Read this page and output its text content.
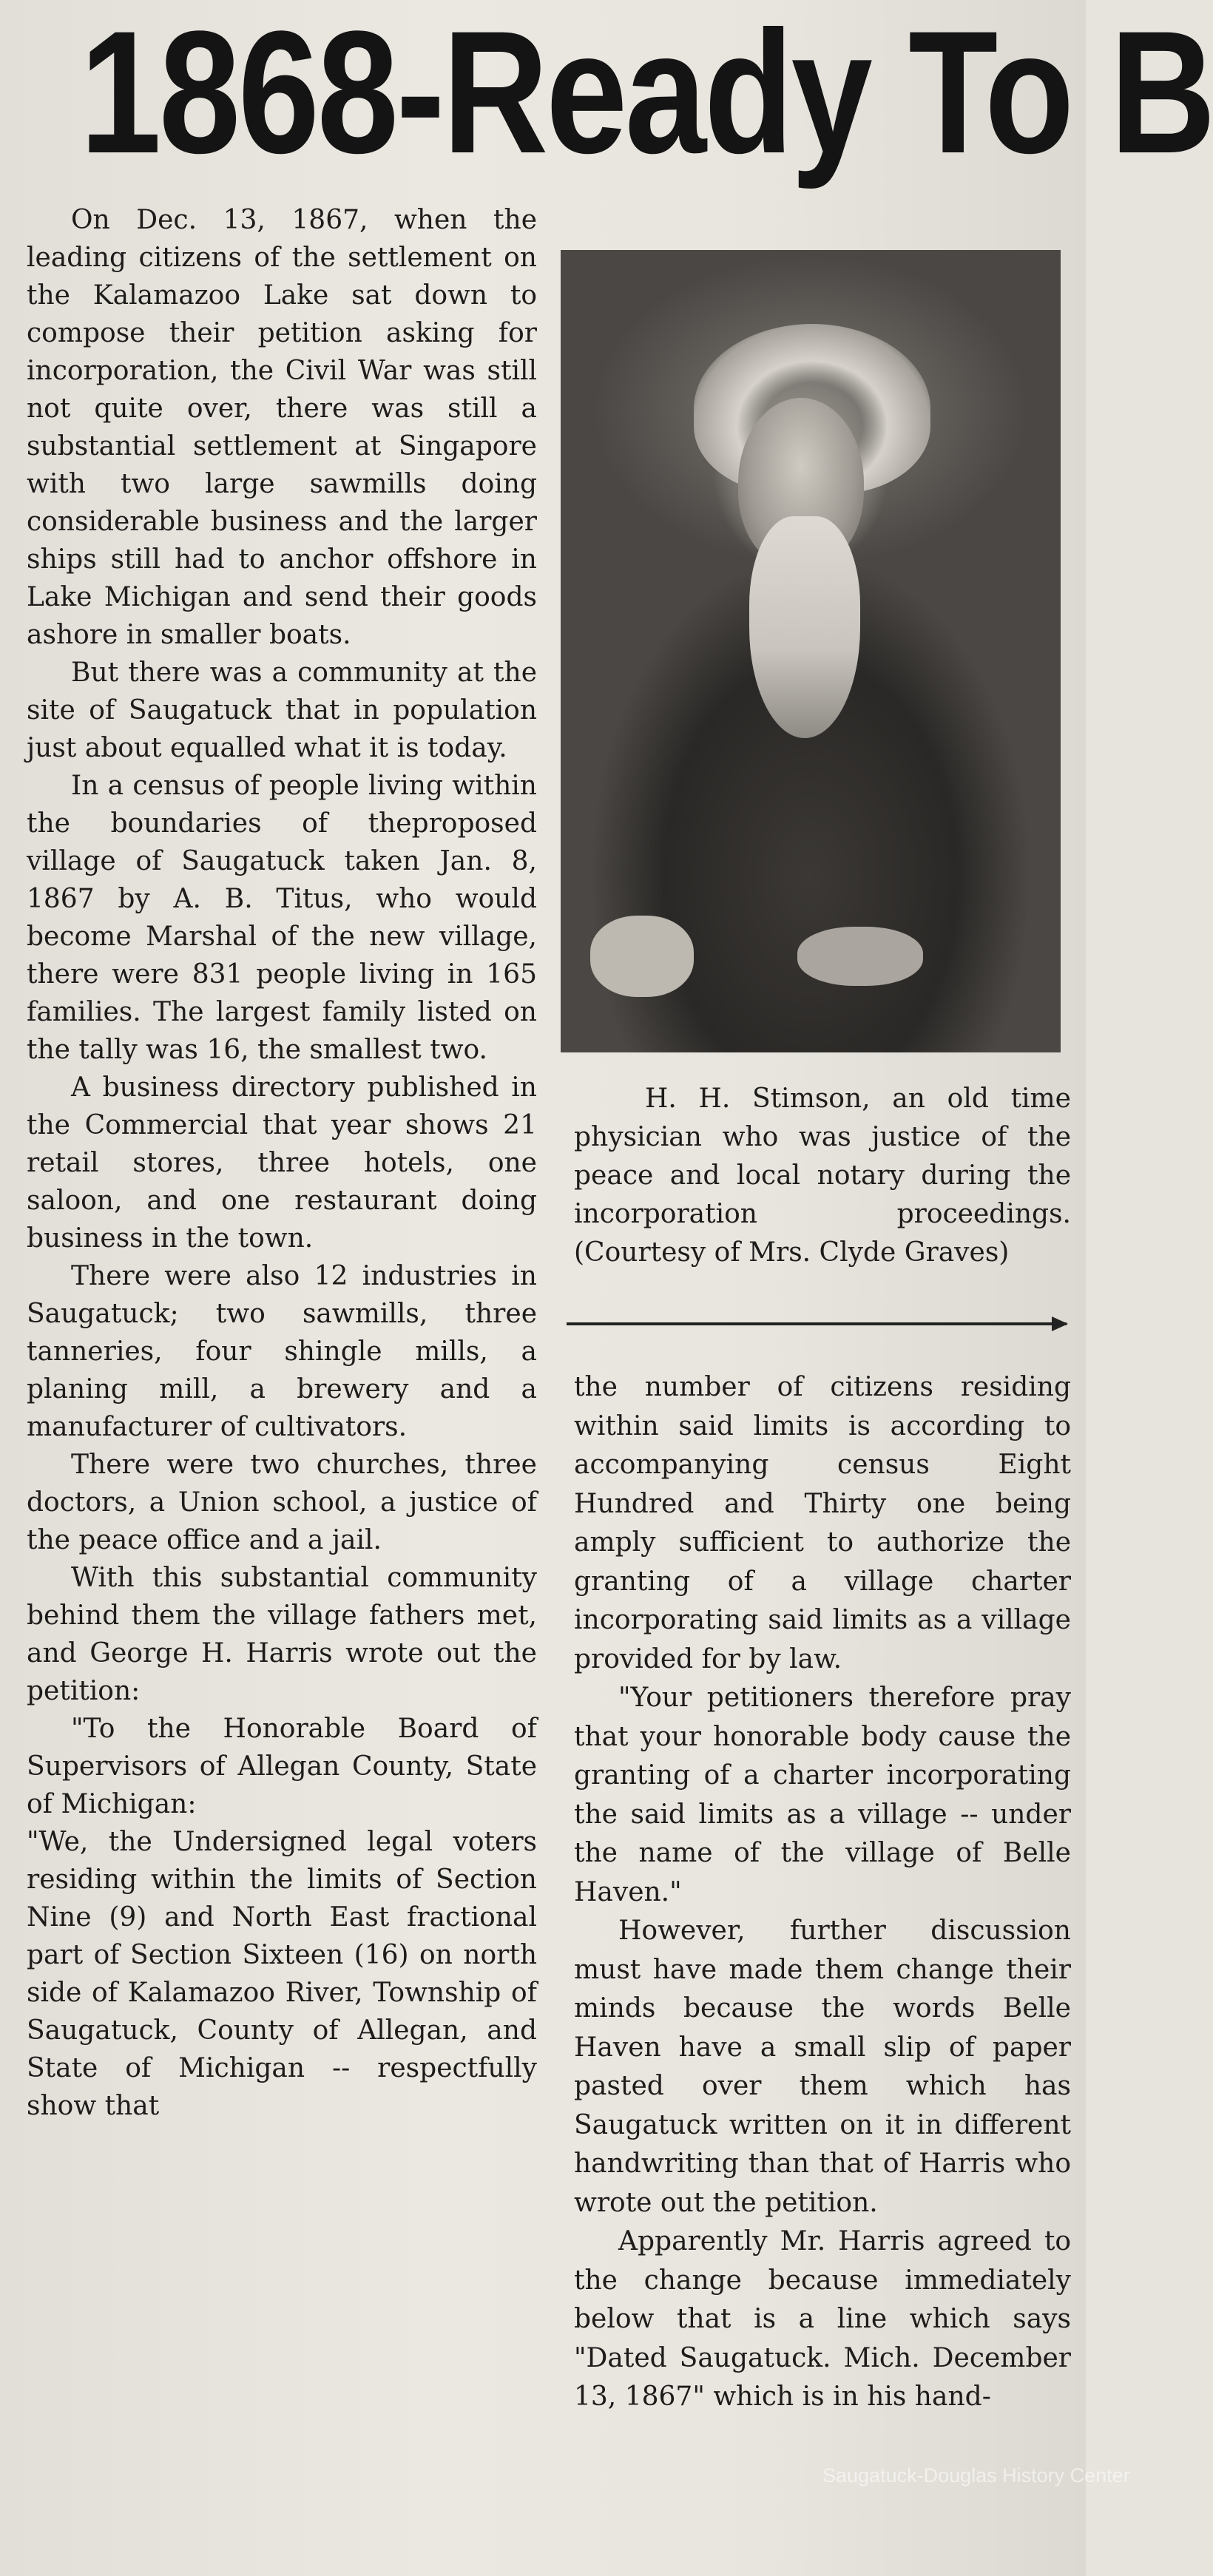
1868-Ready To B

On Dec. 13, 1867, when the leading citizens of the settlement on the Kalamazoo Lake sat down to compose their petition asking for incorporation, the Civil War was still not quite over, there was still a substantial settlement at Singapore with two large sawmills doing considerable business and the larger ships still had to anchor offshore in Lake Michigan and send their goods ashore in smaller boats.

But there was a community at the site of Saugatuck that in population just about equalled what it is today.

In a census of people living within the boundaries of theproposed village of Saugatuck taken Jan. 8, 1867 by A. B. Titus, who would become Marshal of the new village, there were 831 people living in 165 families. The largest family listed on the tally was 16, the smallest two.

A business directory published in the Commercial that year shows 21 retail stores, three hotels, one saloon, and one restaurant doing business in the town.

There were also 12 industries in Saugatuck; two sawmills, three tanneries, four shingle mills, a planing mill, a brewery and a manufacturer of cultivators.

There were two churches, three doctors, a Union school, a justice of the peace office and a jail.

With this substantial community behind them the village fathers met, and George H. Harris wrote out the petition:

"To the Honorable Board of Supervisors of Allegan County, State of Michigan:

"We, the Undersigned legal voters residing within the limits of Section Nine (9) and North East fractional part of Section Sixteen (16) on north side of Kalamazoo River, Township of Saugatuck, County of Allegan, and State of Michigan -- respectfully show that

H. H. Stimson, an old time physician who was justice of the peace and local notary during the incorporation proceedings. (Courtesy of Mrs. Clyde Graves)

the number of citizens residing within said limits is according to accompanying census Eight Hundred and Thirty one being amply sufficient to authorize the granting of a village charter incorporating said limits as a village provided for by law.

"Your petitioners therefore pray that your honorable body cause the granting of a charter incorporating the said limits as a village -- under the name of the village of Belle Haven."

However, further discussion must have made them change their minds because the words Belle Haven have a small slip of paper pasted over them which has Saugatuck written on it in different handwriting than that of Harris who wrote out the petition.

Apparently Mr. Harris agreed to the change because immediately below that is a line which says "Dated Saugatuck. Mich. December 13, 1867" which is in his hand-

Saugatuck-Douglas History Center
